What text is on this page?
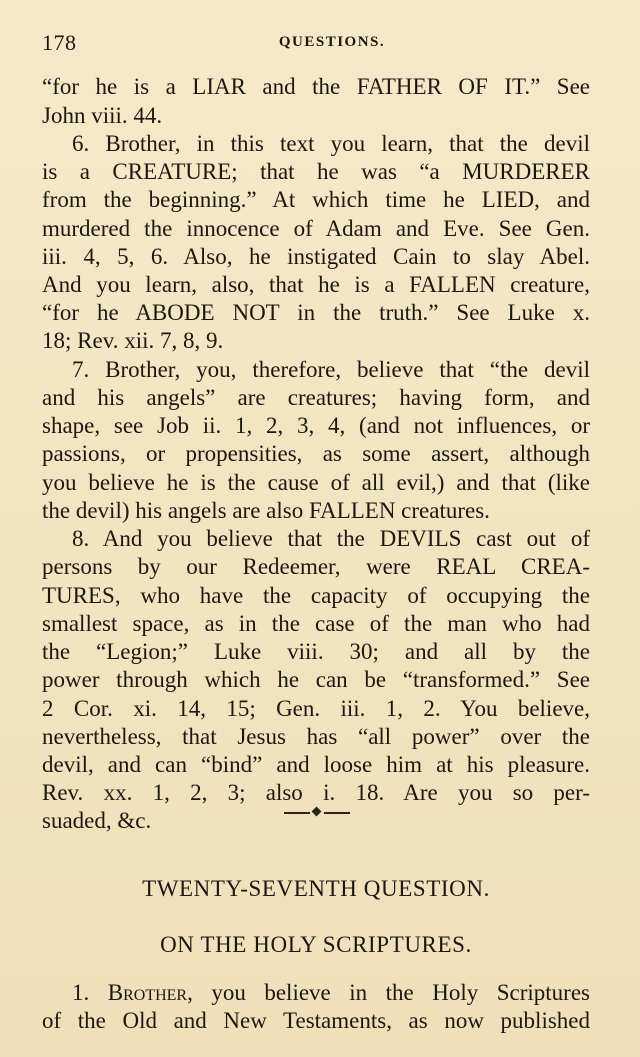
178	QUESTIONS.
“for he is a LIAR and the FATHER OF IT.” See
John viii. 44.
6. Brother, in this text you learn, that the devil
is a CREATURE; that he was “a MURDERER
from the beginning.” At which time he LIED, and
murdered the innocence of Adam and Eve. See Gen.
iii. 4, 5, 6. Also, he instigated Cain to slay Abel.
And you learn, also, that he is a FALLEN creature,
“for he ABODE NOT in the truth.” See Luke x.
18; Rev. xii. 7, 8, 9.
7. Brother, you, therefore, believe that “the devil
and his angels” are creatures; having form, and
shape, see Job ii. 1, 2, 3, 4, (and not influences, or
passions, or propensities, as some assert, although
you believe he is the cause of all evil,) and that (like
the devil) his angels are also FALLEN creatures.
8. And you believe that the DEVILS cast out of
persons by our Redeemer, were REAL CREA-
TURES, who have the capacity of occupying the
smallest space, as in the case of the man who had
the “Legion;” Luke viii. 30; and all by the
power through which he can be “transformed.” See
2 Cor. xi. 14, 15; Gen. iii. 1, 2. You believe,
nevertheless, that Jesus has “all power” over the
devil, and can “bind” and loose him at his pleasure.
Rev. xx. 1, 2, 3; also i. 18. Are you so per-
suaded, &c.
TWENTY-SEVENTH QUESTION.
ON THE HOLY SCRIPTURES.
1. Brother, you believe in the Holy Scriptures
of the Old and New Testaments, as now published
